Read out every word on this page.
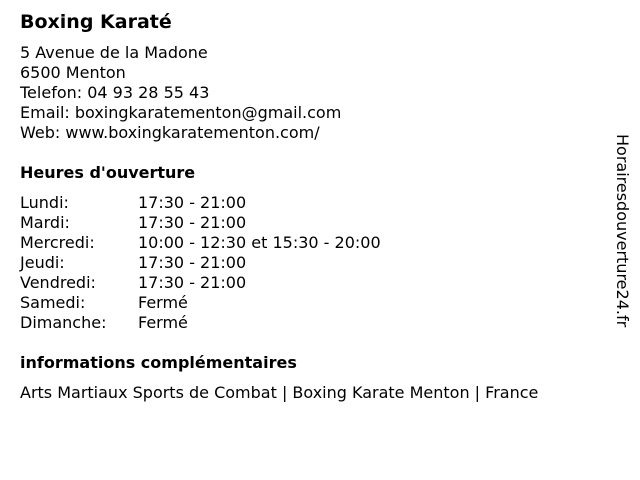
Boxing Karaté
5 Avenue de la Madone
6500 Menton
Telefon: 04 93 28 55 43
Email: boxingkaratementon@gmail.com
Web: www.boxingkaratementon.com/
Heures d'ouverture
Lundi:	17:30 - 21:00
Mardi:	17:30 - 21:00
Mercredi:	10:00 - 12:30 et 15:30 - 20:00
Jeudi:	17:30 - 21:00
Vendredi:	17:30 - 21:00
Samedi:	Fermé
Dimanche:	Fermé
informations complémentaires
Arts Martiaux Sports de Combat | Boxing Karate Menton | France
Horairesdouverture24.fr
